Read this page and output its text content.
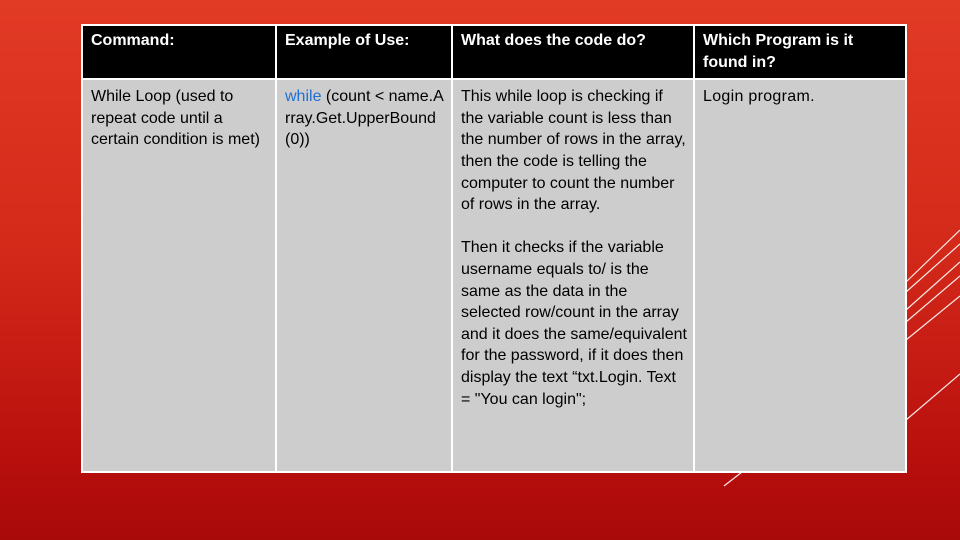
Command:	Example of Use:	What does the code do?	Which Program is it found in?
While Loop (used to repeat code until a certain condition is met)	while (count < name.Array.Get.UpperBound(0))	This while loop is checking if the variable count is less than the number of rows in the array, then the code is telling the computer to count the number of rows in the array.
Then it checks if the variable username equals to/ is the same as the data in the selected row/count in the array and it does the same/equivalent for the password, if it does then display the text “txt.Login. Text = "You can login";	Login program.
